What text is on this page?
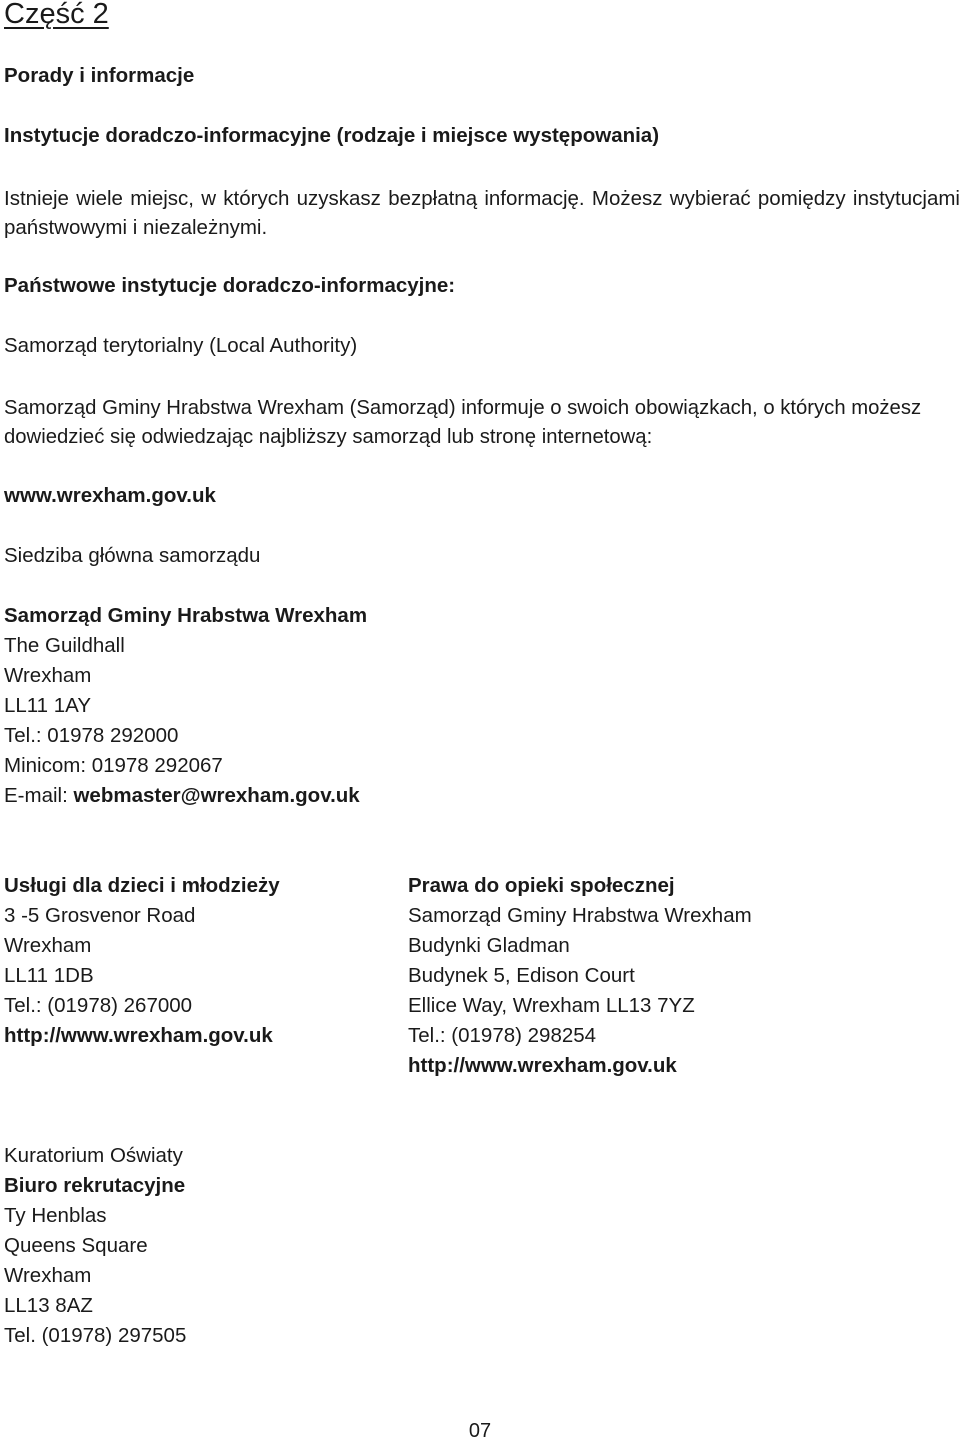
Część 2
Porady i informacje
Instytucje doradczo-informacyjne (rodzaje i miejsce występowania)
Istnieje wiele miejsc, w których uzyskasz bezpłatną informację. Możesz wybierać pomiędzy instytucjami państwowymi i niezależnymi.
Państwowe instytucje doradczo-informacyjne:
Samorząd terytorialny (Local Authority)
Samorząd Gminy Hrabstwa Wrexham (Samorząd) informuje o swoich obowiązkach, o których możesz dowiedzieć się odwiedzając najbliższy samorząd lub stronę internetową:
www.wrexham.gov.uk
Siedziba główna samorządu
Samorząd Gminy Hrabstwa Wrexham
The Guildhall
Wrexham
LL11 1AY
Tel.: 01978 292000
Minicom: 01978 292067
E-mail: webmaster@wrexham.gov.uk
Usługi dla dzieci i młodzieży
3 -5 Grosvenor Road
Wrexham
LL11 1DB
Tel.: (01978) 267000
http://www.wrexham.gov.uk
Prawa do opieki społecznej
Samorząd Gminy Hrabstwa Wrexham
Budynki Gladman
Budynek 5, Edison Court
Ellice Way, Wrexham LL13 7YZ
Tel.: (01978) 298254
http://www.wrexham.gov.uk
Kuratorium Oświaty
Biuro rekrutacyjne
Ty Henblas
Queens Square
Wrexham
LL13 8AZ
Tel. (01978) 297505
07
